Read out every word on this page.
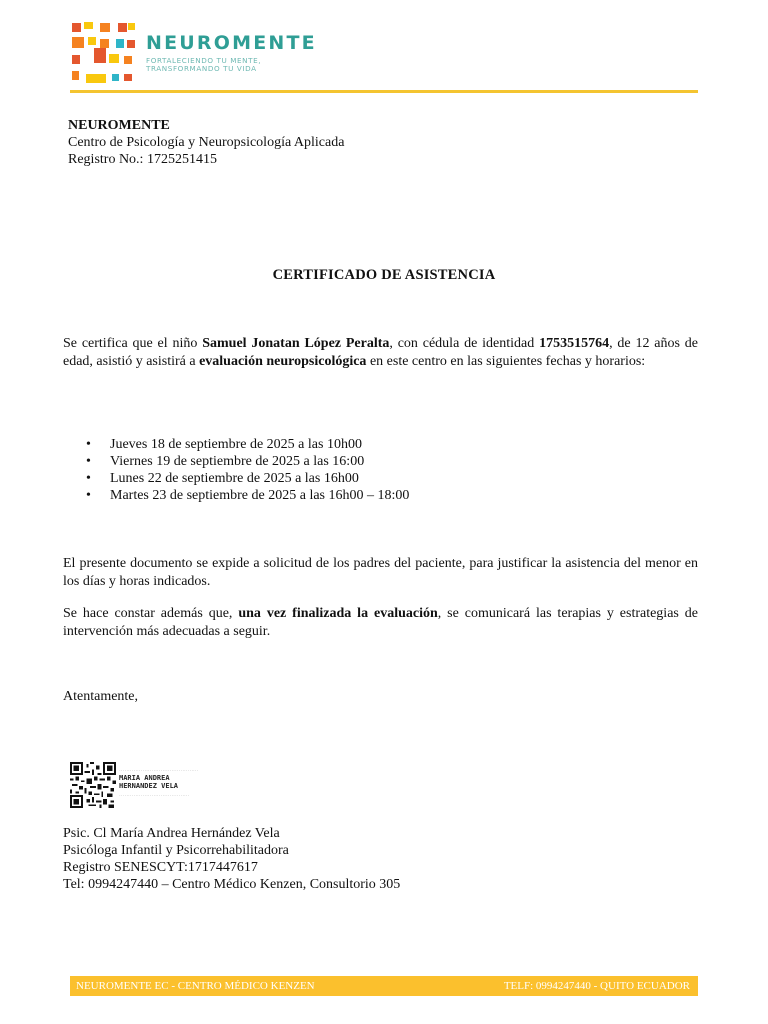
NEUROMENTE
FORTALECIENDO TU MENTE,
TRANSFORMANDO TU VIDA
NEUROMENTE
Centro de Psicología y Neuropsicología Aplicada
Registro No.: 1725251415
CERTIFICADO DE ASISTENCIA
Se certifica que el niño Samuel Jonatan López Peralta, con cédula de identidad 1753515764, de 12 años de edad, asistió y asistirá a evaluación neuropsicológica en este centro en las siguientes fechas y horarios:
• Jueves 18 de septiembre de 2025 a las 10h00
• Viernes 19 de septiembre de 2025 a las 16:00
• Lunes 22 de septiembre de 2025 a las 16h00
• Martes 23 de septiembre de 2025 a las 16h00 – 18:00
El presente documento se expide a solicitud de los padres del paciente, para justificar la asistencia del menor en los días y horas indicados.
Se hace constar además que, una vez finalizada la evaluación, se comunicará las terapias y estrategias de intervención más adecuadas a seguir.
Atentamente,
············································
MARIA ANDREA
HERNANDEZ VELA
·······································
Psic. Cl María Andrea Hernández Vela
Psicóloga Infantil y Psicorrehabilitadora
Registro SENESCYT:1717447617
Tel: 0994247440 – Centro Médico Kenzen, Consultorio 305
NEUROMENTE EC - CENTRO MÉDICO KENZEN	TELF: 0994247440 - QUITO ECUADOR
